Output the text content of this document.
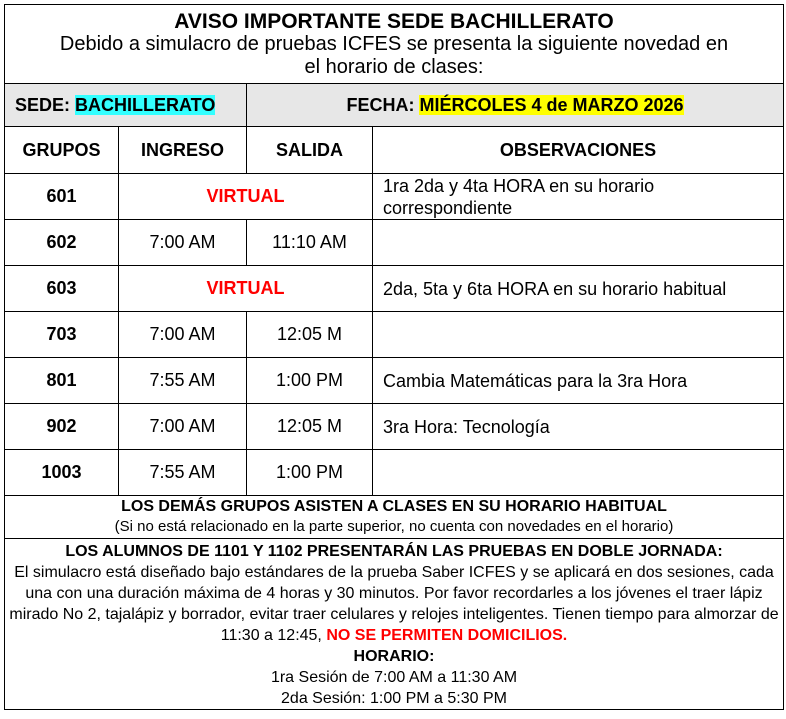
AVISO IMPORTANTE SEDE BACHILLERATO
Debido a simulacro de pruebas ICFES se presenta la siguiente novedad en
el horario de clases:			

SEDE: BACHILLERATO		FECHA: MIÉRCOLES 4 de MARZO 2026	
GRUPOS	INGRESO	SALIDA	OBSERVACIONES
601	VIRTUAL		1ra 2da y 4ta HORA en su horario correspondiente
602	7:00 AM	11:10 AM	
603	VIRTUAL		2da, 5ta y 6ta HORA en su horario habitual
703	7:00 AM	12:05 M	
801	7:55 AM	1:00 PM	Cambia Matemáticas para la 3ra Hora
902	7:00 AM	12:05 M	3ra Hora: Tecnología
1003	7:55 AM	1:00 PM	

LOS DEMÁS GRUPOS ASISTEN A CLASES EN SU HORARIO HABITUAL
(Si no está relacionado en la parte superior, no cuenta con novedades en el horario)			

LOS ALUMNOS DE 1101 Y 1102 PRESENTARÁN LAS PRUEBAS EN DOBLE JORNADA:
El simulacro está diseñado bajo estándares de la prueba Saber ICFES y se aplicará en dos sesiones, cada una con una duración máxima de 4 horas y 30 minutos. Por favor recordarles a los jóvenes el traer lápiz mirado No 2, tajalápiz y borrador, evitar traer celulares y relojes inteligentes. Tienen tiempo para almorzar de 11:30 a 12:45, NO SE PERMITEN DOMICILIOS.
HORARIO:
1ra Sesión de 7:00 AM a 11:30 AM
2da Sesión: 1:00 PM a 5:30 PM			
